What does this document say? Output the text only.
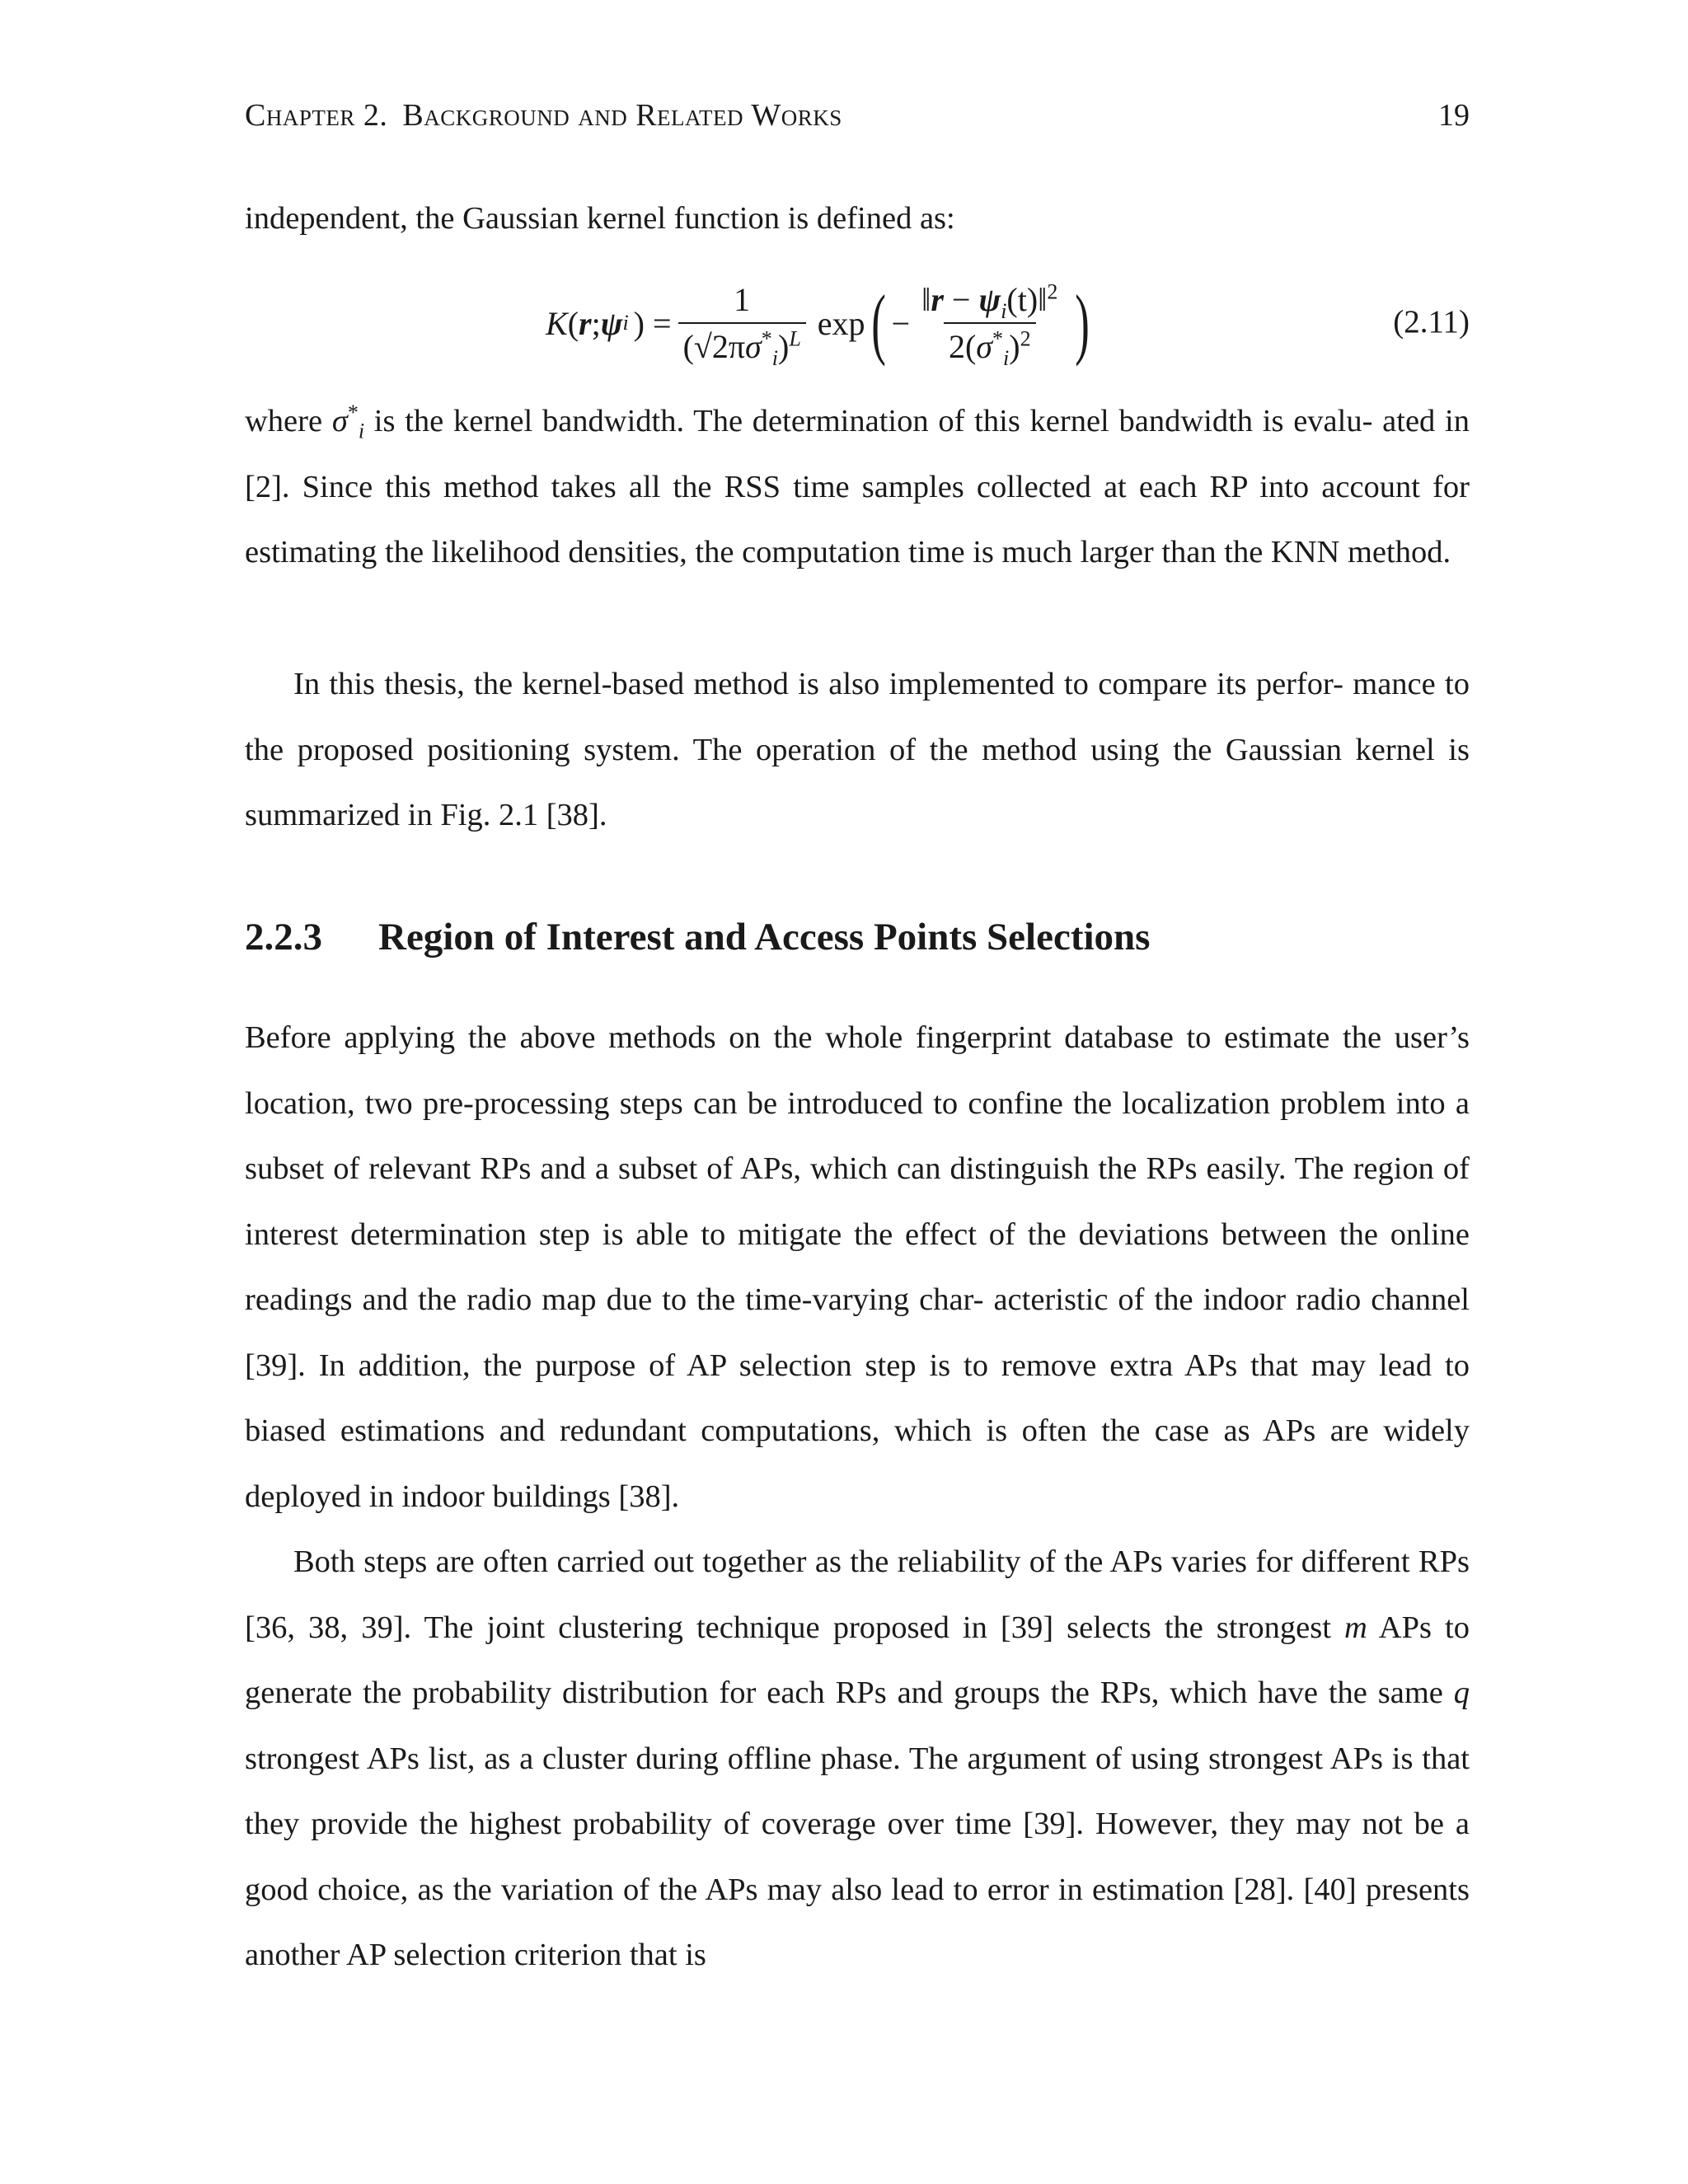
Chapter 2. Background and Related Works	19
independent, the Gaussian kernel function is defined as:
K ( r ; ψ i ) = $\frac{1}{(√2\pi\sigma^*_i)^L}$ exp ( − $\frac{‖r - \psi_i(t)‖^2}{2(\sigma^*_i)^2}$ )	(2.11)
where $\sigma^*_i$ is the kernel bandwidth. The determination of this kernel bandwidth is evalu- ated in [2]. Since this method takes all the RSS time samples collected at each RP into account for estimating the likelihood densities, the computation time is much larger than the KNN method.
In this thesis, the kernel-based method is also implemented to compare its perfor- mance to the proposed positioning system. The operation of the method using the Gaussian kernel is summarized in Fig. 2.1 [38].
2.2.3 Region of Interest and Access Points Selections
Before applying the above methods on the whole fingerprint database to estimate the user’s location, two pre-processing steps can be introduced to confine the localization problem into a subset of relevant RPs and a subset of APs, which can distinguish the RPs easily. The region of interest determination step is able to mitigate the effect of the deviations between the online readings and the radio map due to the time-varying char- acteristic of the indoor radio channel [39]. In addition, the purpose of AP selection step is to remove extra APs that may lead to biased estimations and redundant computations, which is often the case as APs are widely deployed in indoor buildings [38].
Both steps are often carried out together as the reliability of the APs varies for different RPs [36, 38, 39]. The joint clustering technique proposed in [39] selects the strongest m APs to generate the probability distribution for each RPs and groups the RPs, which have the same q strongest APs list, as a cluster during offline phase. The argument of using strongest APs is that they provide the highest probability of coverage over time [39]. However, they may not be a good choice, as the variation of the APs may also lead to error in estimation [28]. [40] presents another AP selection criterion that is
